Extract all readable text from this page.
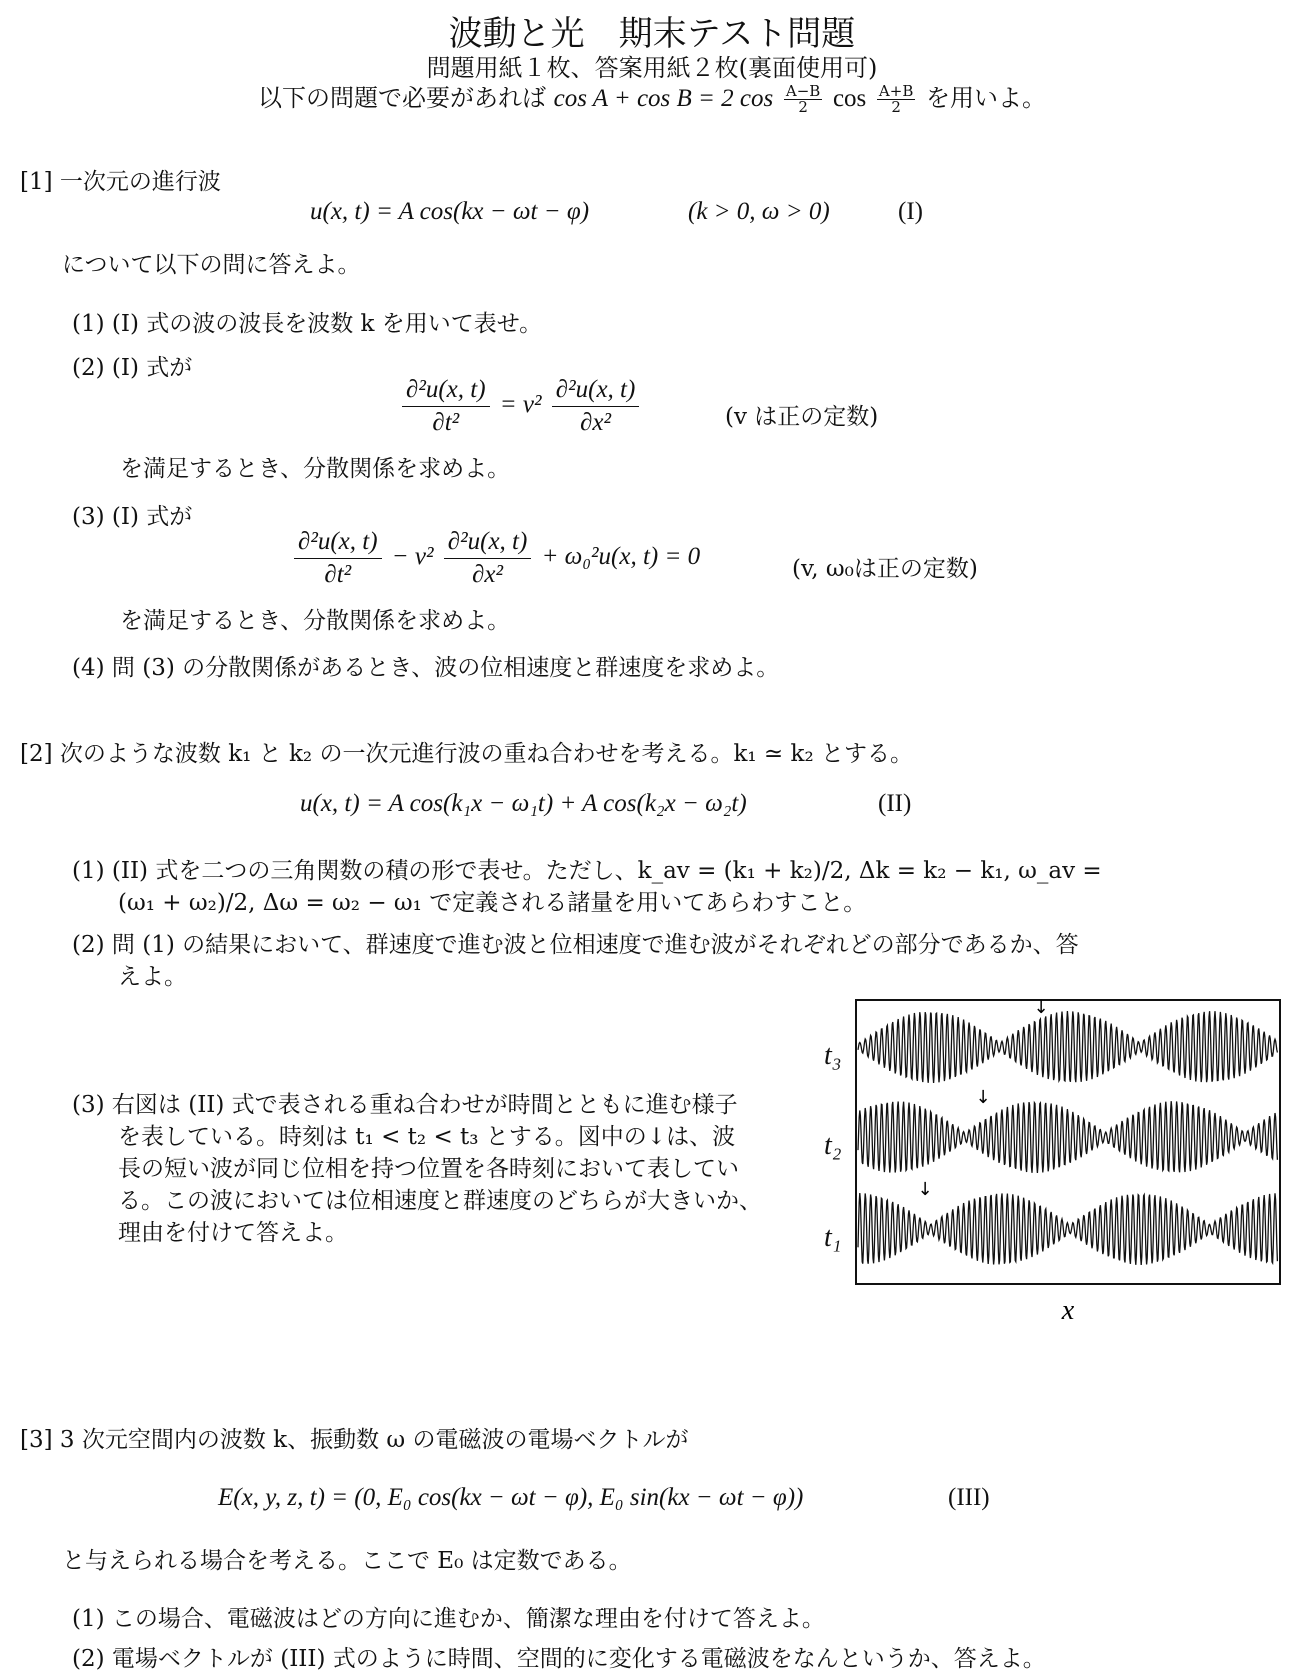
波動と光　期末テスト問題
問題用紙１枚、答案用紙２枚(裏面使用可)
以下の問題で必要があれば cos A + cos B = 2 $\cos \frac{A-B}{2}$ $\cos \frac{A+B}{2}$ を用いよ。
[1] 一次元の進行波
u(x, t) = A cos(kx − ωt − φ)	(k > 0, ω > 0)	(I)
について以下の問に答えよ。
(1) (I) 式の波の波長を波数 k を用いて表せ。
(2) (I) 式が
$\frac{\text{∂²u(x, t)}}{\text{∂t²}} = v^2 \frac{\text{∂²u(x, t)}}{\text{∂x²}}$	(v は正の定数)
を満足するとき、分散関係を求めよ。
(3) (I) 式が
$\frac{\text{∂²u(x, t)}}{\text{∂t²}} - v^2 \frac{\text{∂²u(x, t)}}{\text{∂x²}} + \omega_0^2u(x$, t) = 0	(v, ω₀は正の定数)
を満足するとき、分散関係を求めよ。
(4) 問 (3) の分散関係があるとき、波の位相速度と群速度を求めよ。
[2] 次のような波数 k₁ と k₂ の一次元進行波の重ね合わせを考える。k₁ ≃ k₂ とする。
u(x, t) = A cos(k₁x − ω₁t) + A cos(k₂x − ω₂t)	(II)
(1) (II) 式を二つの三角関数の積の形で表せ。ただし、k_av = (k₁ + k₂)/2, Δk = k₂ − k₁, ω_av =
(ω₁ + ω₂)/2, Δω = ω₂ − ω₁ で定義される諸量を用いてあらわすこと。
(2) 問 (1) の結果において、群速度で進む波と位相速度で進む波がそれぞれどの部分であるか、答
えよ。
(3) 右図は (II) 式で表される重ね合わせが時間とともに進む様子
を表している。時刻は t₁ < t₂ < t₃ とする。図中の↓は、波
長の短い波が同じ位相を持つ位置を各時刻において表してい
る。この波においては位相速度と群速度のどちらが大きいか、
理由を付けて答えよ。
↓
↓
↓
x
t₃
t₂
t₁
[3] 3 次元空間内の波数 k、振動数 ω の電磁波の電場ベクトルが
E(x, y, z, t) = (0, E₀ cos(kx − ωt − φ), E₀ sin(kx − ωt − φ))	(III)
と与えられる場合を考える。ここで E₀ は定数である。
(1) この場合、電磁波はどの方向に進むか、簡潔な理由を付けて答えよ。
(2) 電場ベクトルが (III) 式のように時間、空間的に変化する電磁波をなんというか、答えよ。
